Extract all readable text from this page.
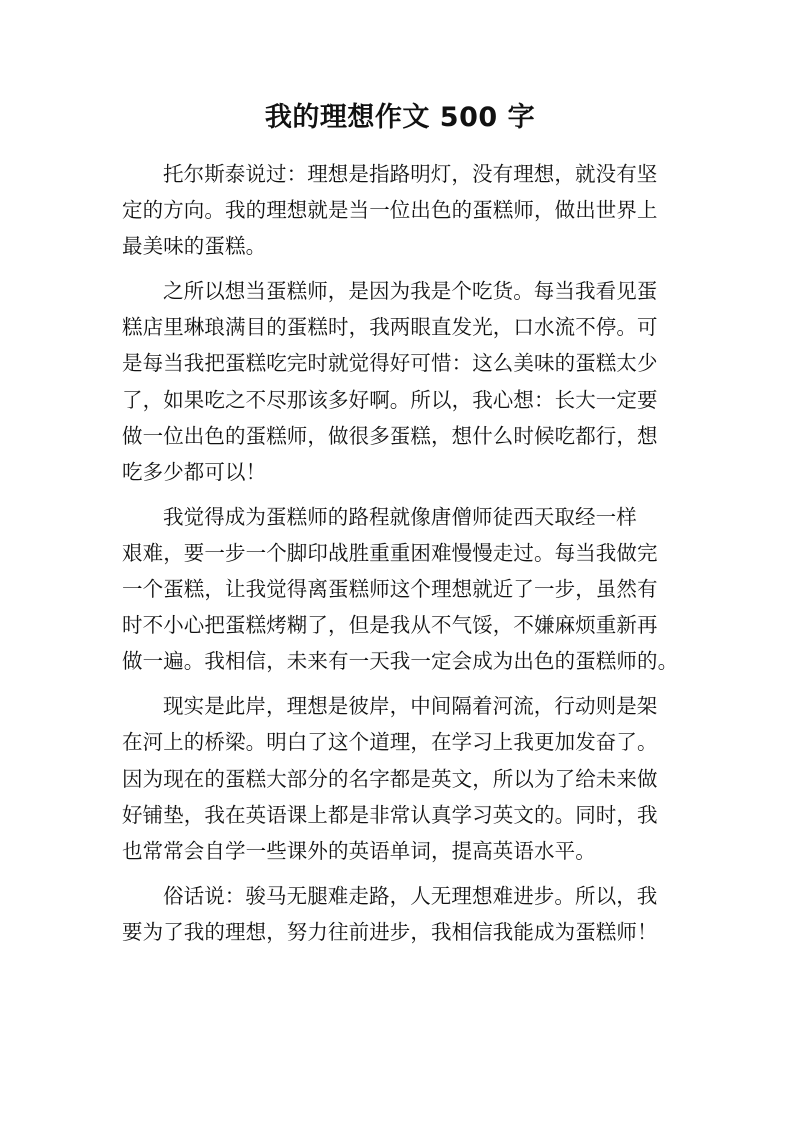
我的理想作文 500 字
托尔斯泰说过：理想是指路明灯，没有理想，就没有坚
定的方向。我的理想就是当一位出色的蛋糕师，做出世界上
最美味的蛋糕。
之所以想当蛋糕师，是因为我是个吃货。每当我看见蛋
糕店里琳琅满目的蛋糕时，我两眼直发光，口水流不停。可
是每当我把蛋糕吃完时就觉得好可惜：这么美味的蛋糕太少
了，如果吃之不尽那该多好啊。所以，我心想：长大一定要
做一位出色的蛋糕师，做很多蛋糕，想什么时候吃都行，想
吃多少都可以！
我觉得成为蛋糕师的路程就像唐僧师徒西天取经一样
艰难，要一步一个脚印战胜重重困难慢慢走过。每当我做完
一个蛋糕，让我觉得离蛋糕师这个理想就近了一步，虽然有
时不小心把蛋糕烤糊了，但是我从不气馁，不嫌麻烦重新再
做一遍。我相信，未来有一天我一定会成为出色的蛋糕师的。
现实是此岸，理想是彼岸，中间隔着河流，行动则是架
在河上的桥梁。明白了这个道理，在学习上我更加发奋了。
因为现在的蛋糕大部分的名字都是英文，所以为了给未来做
好铺垫，我在英语课上都是非常认真学习英文的。同时，我
也常常会自学一些课外的英语单词，提高英语水平。
俗话说：骏马无腿难走路，人无理想难进步。所以，我
要为了我的理想，努力往前进步，我相信我能成为蛋糕师！
